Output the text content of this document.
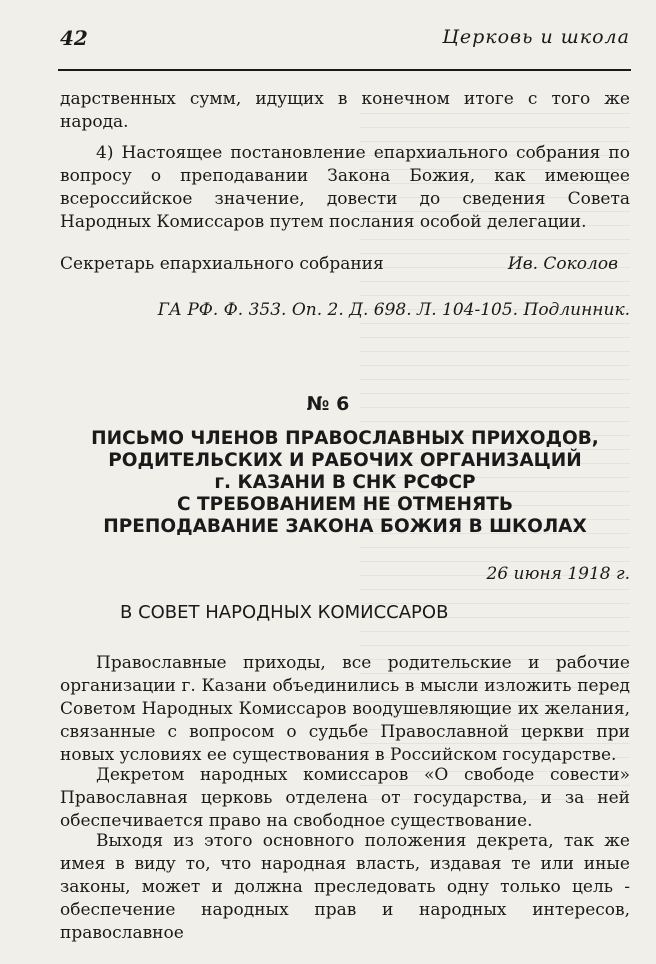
42	Церковь и школа

дарственных сумм, идущих в конечном итоге с того же народа.

4) Настоящее постановление епархиального собрания по вопросу о преподавании Закона Божия, как имеющее всероссийское значение, довести до сведения Совета Народных Комиссаров путем послания особой делегации.

Секретарь епархиального собрания	Ив. Соколов
ГА РФ. Ф. 353. Оп. 2. Д. 698. Л. 104-105. Подлинник.
№ 6
ПИСЬМО ЧЛЕНОВ ПРАВОСЛАВНЫХ ПРИХОДОВ,
РОДИТЕЛЬСКИХ И РАБОЧИХ ОРГАНИЗАЦИЙ
г. КАЗАНИ В СНК РСФСР
С ТРЕБОВАНИЕМ НЕ ОТМЕНЯТЬ
ПРЕПОДАВАНИЕ ЗАКОНА БОЖИЯ В ШКОЛАХ
26 июня 1918 г.
В СОВЕТ НАРОДНЫХ КОМИССАРОВ

Православные приходы, все родительские и рабочие организации г. Казани объединились в мысли изложить перед Советом Народных Комиссаров воодушевляющие их желания, связанные с вопросом о судьбе Православной церкви при новых условиях ее существования в Российском государстве.

Декретом народных комиссаров «О свободе совести» Православная церковь отделена от государства, и за ней обеспечивается право на свободное существование.

Выходя из этого основного положения декрета, так же имея в виду то, что народная власть, издавая те или иные законы, может и должна преследовать одну только цель - обеспечение народных прав и народных интересов, православное
